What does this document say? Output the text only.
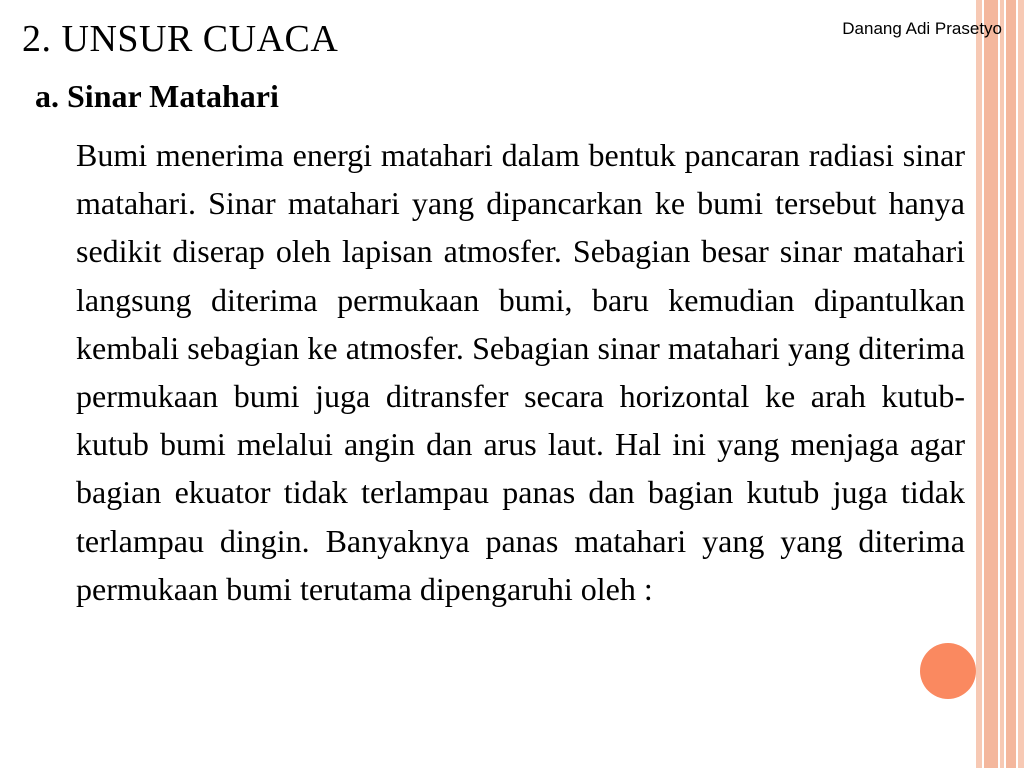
Danang Adi Prasetyo
2. UNSUR CUACA
a. Sinar Matahari

Bumi menerima energi matahari dalam bentuk pancaran radiasi sinar matahari. Sinar matahari yang dipancarkan ke bumi tersebut hanya sedikit diserap oleh lapisan atmosfer. Sebagian besar sinar matahari langsung diterima permukaan bumi, baru kemudian dipantulkan kembali sebagian ke atmosfer. Sebagian sinar matahari yang diterima permukaan bumi juga ditransfer secara horizontal ke arah kutub-kutub bumi melalui angin dan arus laut. Hal ini yang menjaga agar bagian ekuator tidak terlampau panas dan bagian kutub juga tidak terlampau dingin. Banyaknya panas matahari yang yang diterima permukaan bumi terutama dipengaruhi oleh :
